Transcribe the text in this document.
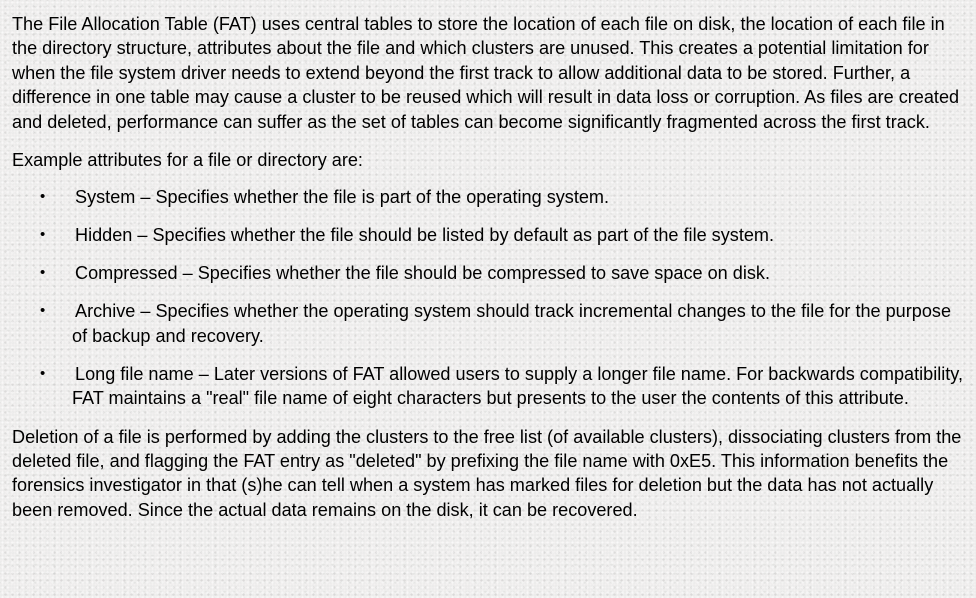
The File Allocation Table (FAT) uses central tables to store the location of each file on disk, the location of each file in the directory structure, attributes about the file and which clusters are unused. This creates a potential limitation for when the file system driver needs to extend beyond the first track to allow additional data to be stored. Further, a difference in one table may cause a cluster to be reused which will result in data loss or corruption. As files are created and deleted, performance can suffer as the set of tables can become significantly fragmented across the first track.

Example attributes for a file or directory are:

• System – Specifies whether the file is part of the operating system.
• Hidden – Specifies whether the file should be listed by default as part of the file system.
• Compressed – Specifies whether the file should be compressed to save space on disk.
• Archive – Specifies whether the operating system should track incremental changes to the file for the purpose of backup and recovery.
• Long file name – Later versions of FAT allowed users to supply a longer file name. For backwards compatibility, FAT maintains a "real" file name of eight characters but presents to the user the contents of this attribute.

Deletion of a file is performed by adding the clusters to the free list (of available clusters), dissociating clusters from the deleted file, and flagging the FAT entry as "deleted" by prefixing the file name with 0xE5. This information benefits the forensics investigator in that (s)he can tell when a system has marked files for deletion but the data has not actually been removed. Since the actual data remains on the disk, it can be recovered.
